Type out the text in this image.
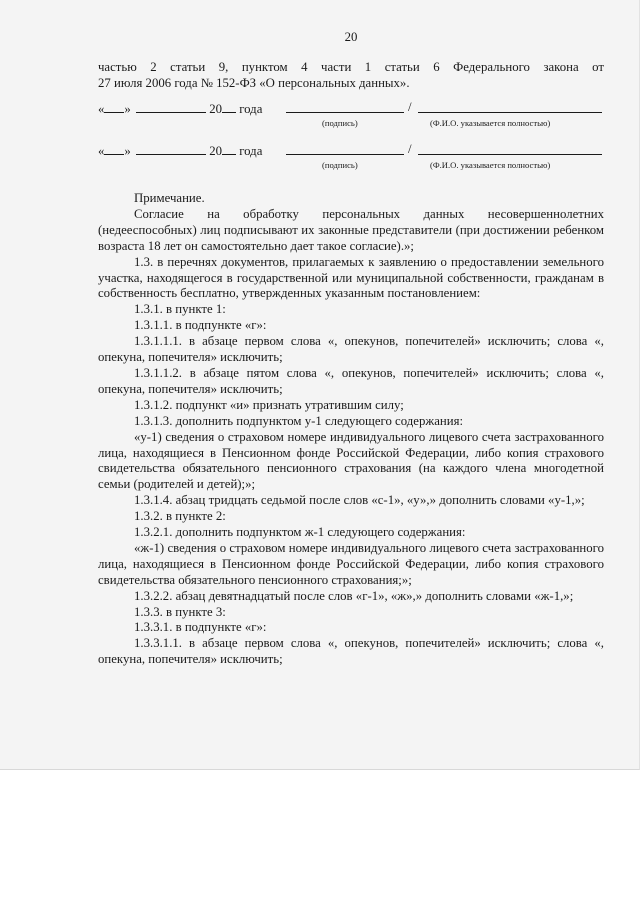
20
частью 2 статьи 9, пунктом 4 части 1 статьи 6 Федерального закона от
27 июля 2006 года № 152-ФЗ «О персональных данных».
« »	20 года	/
(подпись)	(Ф.И.О. указывается полностью)
« »	20 года	/
(подпись)	(Ф.И.О. указывается полностью)
Примечание.
Согласие на обработку персональных данных несовершеннолетних (недееспособных) лиц подписывают их законные представители (при достижении ребенком возраста 18 лет он самостоятельно дает такое согласие).»;
1.3. в перечнях документов, прилагаемых к заявлению о предоставлении земельного участка, находящегося в государственной или муниципальной собственности, гражданам в собственность бесплатно, утвержденных указанным постановлением:
1.3.1. в пункте 1:
1.3.1.1. в подпункте «г»:
1.3.1.1.1. в абзаце первом слова «, опекунов, попечителей» исключить; слова «, опекуна, попечителя» исключить;
1.3.1.1.2. в абзаце пятом слова «, опекунов, попечителей» исключить; слова «, опекуна, попечителя» исключить;
1.3.1.2. подпункт «и» признать утратившим силу;
1.3.1.3. дополнить подпунктом у-1 следующего содержания:
«у-1) сведения о страховом номере индивидуального лицевого счета застрахованного лица, находящиеся в Пенсионном фонде Российской Федерации, либо копия страхового свидетельства обязательного пенсионного страхования (на каждого члена многодетной семьи (родителей и детей);»;
1.3.1.4. абзац тридцать седьмой после слов «с-1», «у»,» дополнить словами «у-1,»;
1.3.2. в пункте 2:
1.3.2.1. дополнить подпунктом ж-1 следующего содержания:
«ж-1) сведения о страховом номере индивидуального лицевого счета застрахованного лица, находящиеся в Пенсионном фонде Российской Федерации, либо копия страхового свидетельства обязательного пенсионного страхования;»;
1.3.2.2. абзац девятнадцатый после слов «г-1», «ж»,» дополнить словами «ж-1,»;
1.3.3. в пункте 3:
1.3.3.1. в подпункте «г»:
1.3.3.1.1. в абзаце первом слова «, опекунов, попечителей» исключить; слова «, опекуна, попечителя» исключить;
